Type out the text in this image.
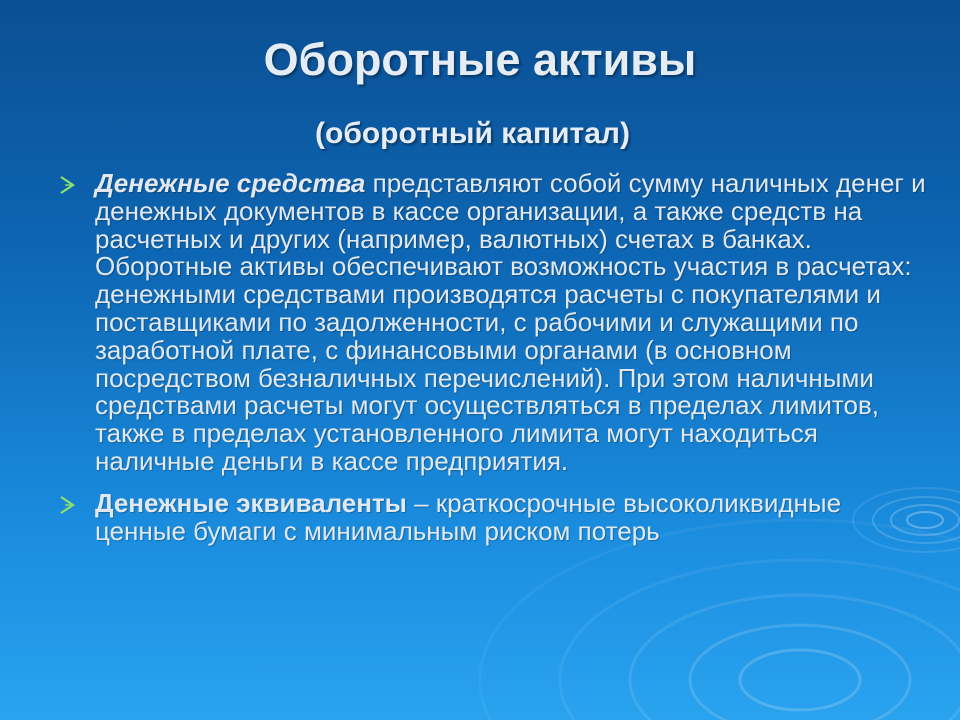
Оборотные активы
(оборотный капитал)
Денежные средства представляют собой сумму наличных денег и денежных документов в кассе организации, а также средств на расчетных и других (например, валютных) счетах в банках. Оборотные активы обеспечивают возможность участия в расчетах: денежными средствами производятся расчеты с покупателями и поставщиками по задолженности, с рабочими и служащими по заработной плате, с финансовыми органами (в основном посредством безналичных перечислений). При этом наличными средствами расчеты могут осуществляться в пределах лимитов, также в пределах установленного лимита могут находиться наличные деньги в кассе предприятия.
Денежные эквиваленты – краткосрочные высоколиквидные ценные бумаги с минимальным риском потерь
